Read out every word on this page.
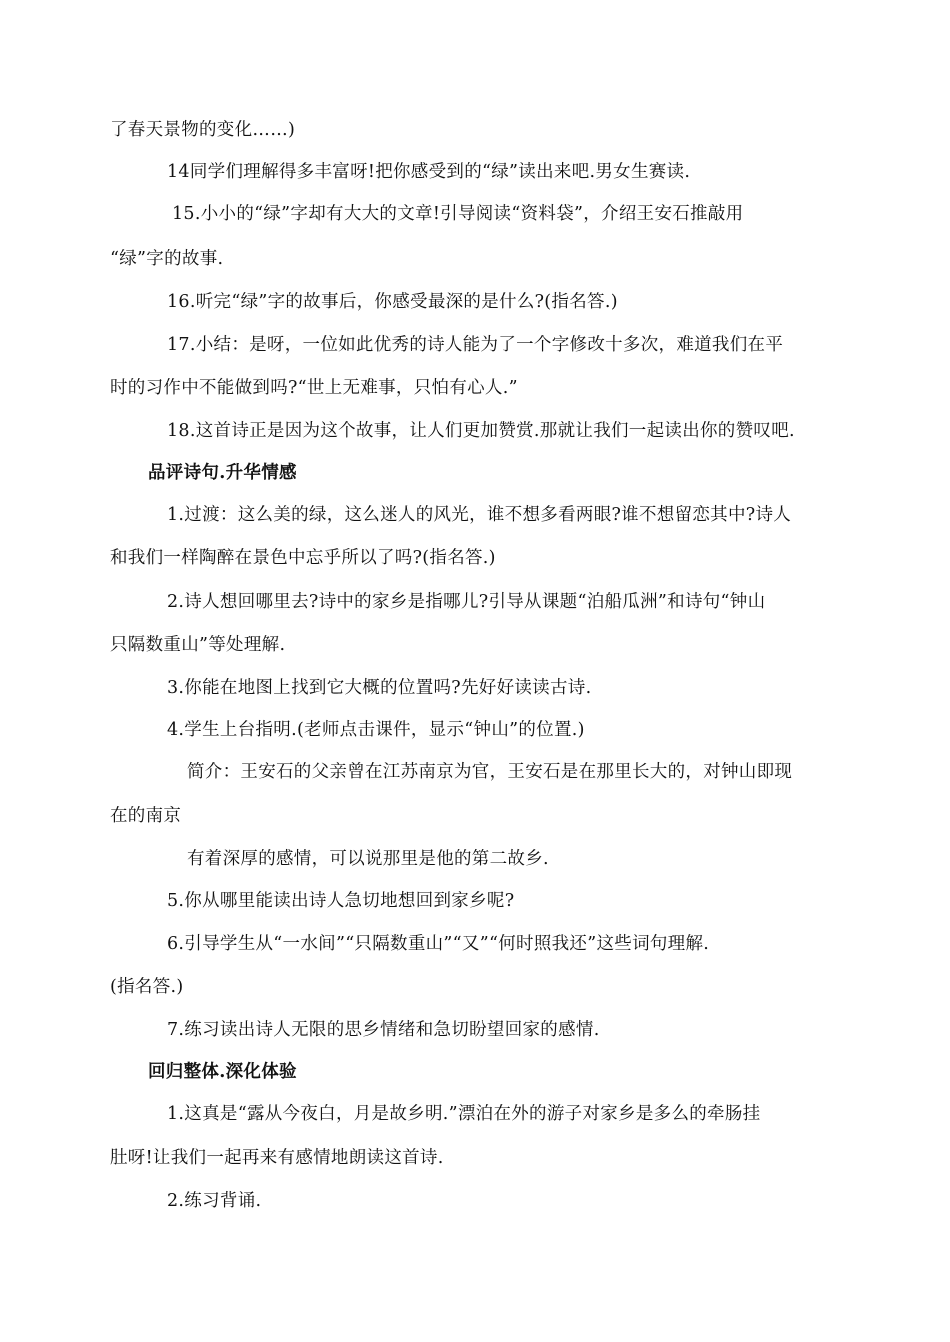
了春天景物的变化……)
14同学们理解得多丰富呀!把你感受到的“绿”读出来吧.男女生赛读.
15.小小的“绿”字却有大大的文章!引导阅读“资料袋”，介绍王安石推敲用
“绿”字的故事.
16.听完“绿”字的故事后，你感受最深的是什么?(指名答.)
17.小结：是呀，一位如此优秀的诗人能为了一个字修改十多次，难道我们在平
时的习作中不能做到吗?“世上无难事，只怕有心人.”
18.这首诗正是因为这个故事，让人们更加赞赏.那就让我们一起读出你的赞叹吧.
品评诗句.升华情感
1.过渡：这么美的绿，这么迷人的风光，谁不想多看两眼?谁不想留恋其中?诗人
和我们一样陶醉在景色中忘乎所以了吗?(指名答.)
2.诗人想回哪里去?诗中的家乡是指哪儿?引导从课题“泊船瓜洲”和诗句“钟山
只隔数重山”等处理解.
3.你能在地图上找到它大概的位置吗?先好好读读古诗.
4.学生上台指明.(老师点击课件，显示“钟山”的位置.)
简介：王安石的父亲曾在江苏南京为官，王安石是在那里长大的，对钟山即现
在的南京
有着深厚的感情，可以说那里是他的第二故乡.
5.你从哪里能读出诗人急切地想回到家乡呢?
6.引导学生从“一水间”“只隔数重山”“又”“何时照我还”这些词句理解.
(指名答.)
7.练习读出诗人无限的思乡情绪和急切盼望回家的感情.
回归整体.深化体验
1.这真是“露从今夜白，月是故乡明.”漂泊在外的游子对家乡是多么的牵肠挂
肚呀!让我们一起再来有感情地朗读这首诗.
2.练习背诵.
